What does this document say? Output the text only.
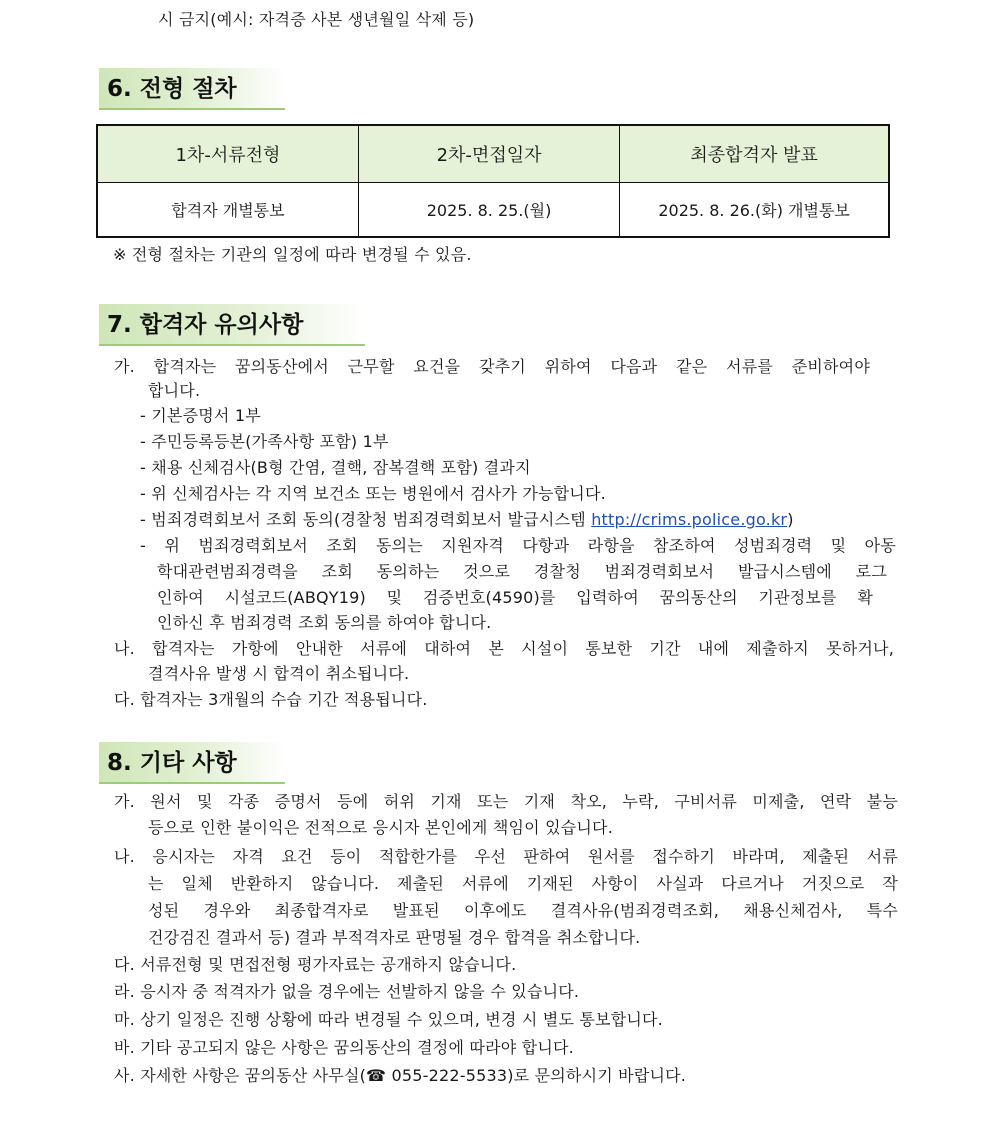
시 금지(예시: 자격증 사본 생년월일 삭제 등)
6. 전형 절차
1차-서류전형	2차-면접일자	최종합격자 발표
합격자 개별통보	2025. 8. 25.(월)	2025. 8. 26.(화) 개별통보
※ 전형 절차는 기관의 일정에 따라 변경될 수 있음.
7. 합격자 유의사항
가. 합격자는 꿈의동산에서 근무할 요건을 갖추기 위하여 다음과 같은 서류를 준비하여야
합니다.
- 기본증명서 1부
- 주민등록등본(가족사항 포함) 1부
- 채용 신체검사(B형 간염, 결핵, 잠복결핵 포함) 결과지
- 위 신체검사는 각 지역 보건소 또는 병원에서 검사가 가능합니다.
- 범죄경력회보서 조회 동의(경찰청 범죄경력회보서 발급시스템 http://crims.police.go.kr)
- 위 범죄경력회보서 조회 동의는 지원자격 다항과 라항을 참조하여 성범죄경력 및 아동
학대관련범죄경력을 조회 동의하는 것으로 경찰청 범죄경력회보서 발급시스템에 로그
인하여 시설코드(ABQY19) 및 검증번호(4590)를 입력하여 꿈의동산의 기관정보를 확
인하신 후 범죄경력 조회 동의를 하여야 합니다.
나. 합격자는 가항에 안내한 서류에 대하여 본 시설이 통보한 기간 내에 제출하지 못하거나,
결격사유 발생 시 합격이 취소됩니다.
다. 합격자는 3개월의 수습 기간 적용됩니다.
8. 기타 사항
가. 원서 및 각종 증명서 등에 허위 기재 또는 기재 착오, 누락, 구비서류 미제출, 연락 불능
등으로 인한 불이익은 전적으로 응시자 본인에게 책임이 있습니다.
나. 응시자는 자격 요건 등이 적합한가를 우선 판하여 원서를 접수하기 바라며, 제출된 서류
는 일체 반환하지 않습니다. 제출된 서류에 기재된 사항이 사실과 다르거나 거짓으로 작
성된 경우와 최종합격자로 발표된 이후에도 결격사유(범죄경력조회, 채용신체검사, 특수
건강검진 결과서 등) 결과 부적격자로 판명될 경우 합격을 취소합니다.
다. 서류전형 및 면접전형 평가자료는 공개하지 않습니다.
라. 응시자 중 적격자가 없을 경우에는 선발하지 않을 수 있습니다.
마. 상기 일정은 진행 상황에 따라 변경될 수 있으며, 변경 시 별도 통보합니다.
바. 기타 공고되지 않은 사항은 꿈의동산의 결정에 따라야 합니다.
사. 자세한 사항은 꿈의동산 사무실(☎ 055-222-5533)로 문의하시기 바랍니다.
